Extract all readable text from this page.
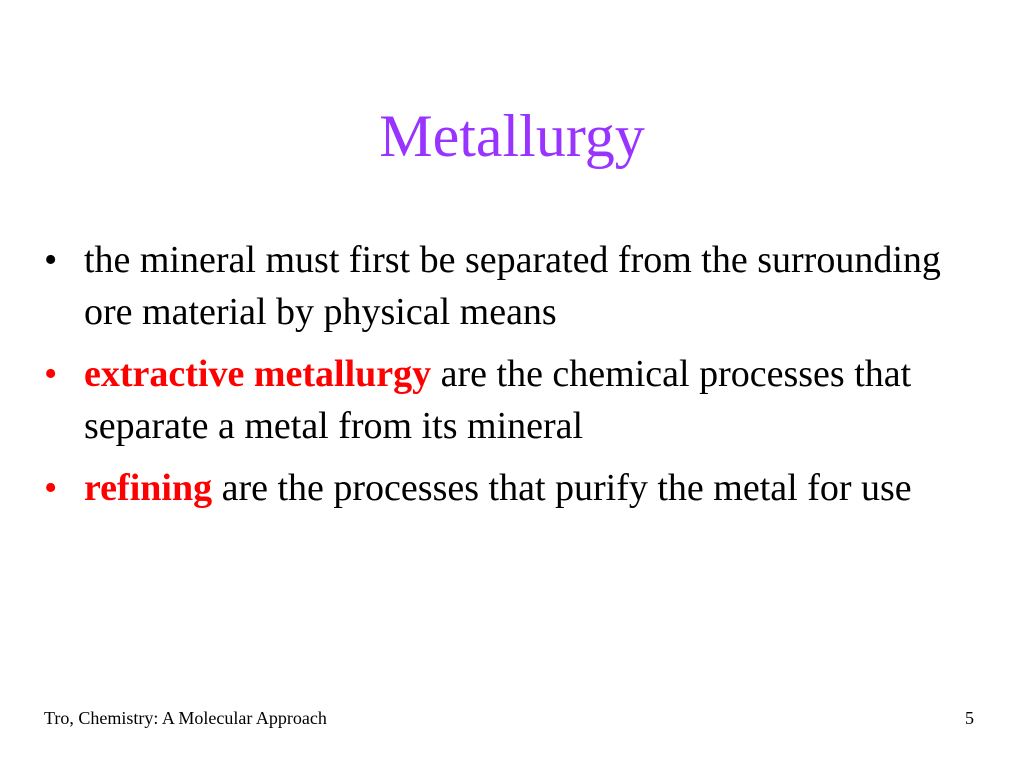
Metallurgy
• the mineral must first be separated from the surrounding ore material by physical means
• extractive metallurgy are the chemical processes that separate a metal from its mineral
• refining are the processes that purify the metal for use
Tro, Chemistry: A Molecular Approach	5
